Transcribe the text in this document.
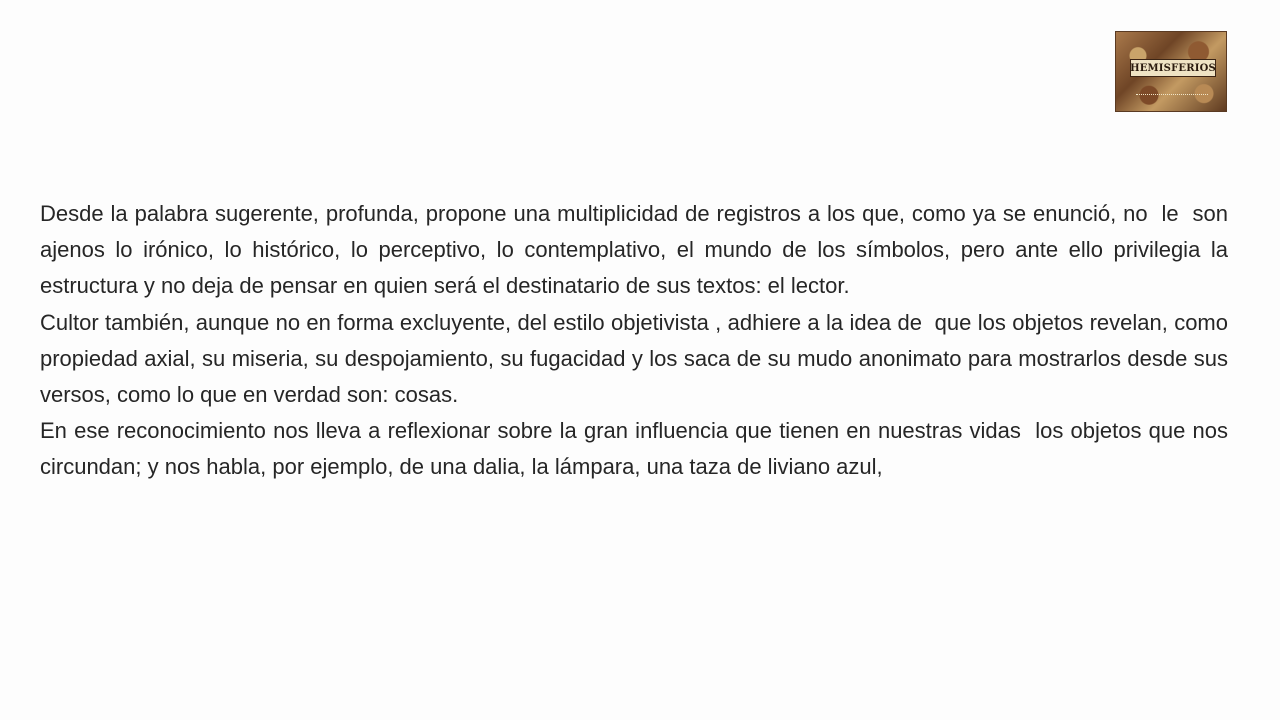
HEMISFERIOS

Desde la palabra sugerente, profunda, propone una multiplicidad de registros a los que, como ya se enunció, no  le  son ajenos lo irónico, lo histórico, lo perceptivo, lo contemplativo, el mundo de los símbolos, pero ante ello privilegia la estructura y no deja de pensar en quien será el destinatario de sus textos: el lector.

Cultor también, aunque no en forma excluyente, del estilo objetivista , adhiere a la idea de  que los objetos revelan, como propiedad axial, su miseria, su despojamiento, su fugacidad y los saca de su mudo anonimato para mostrarlos desde sus versos, como lo que en verdad son: cosas.

En ese reconocimiento nos lleva a reflexionar sobre la gran influencia que tienen en nuestras vidas  los objetos que nos circundan; y nos habla, por ejemplo, de una dalia, la lámpara, una taza de liviano azul,
